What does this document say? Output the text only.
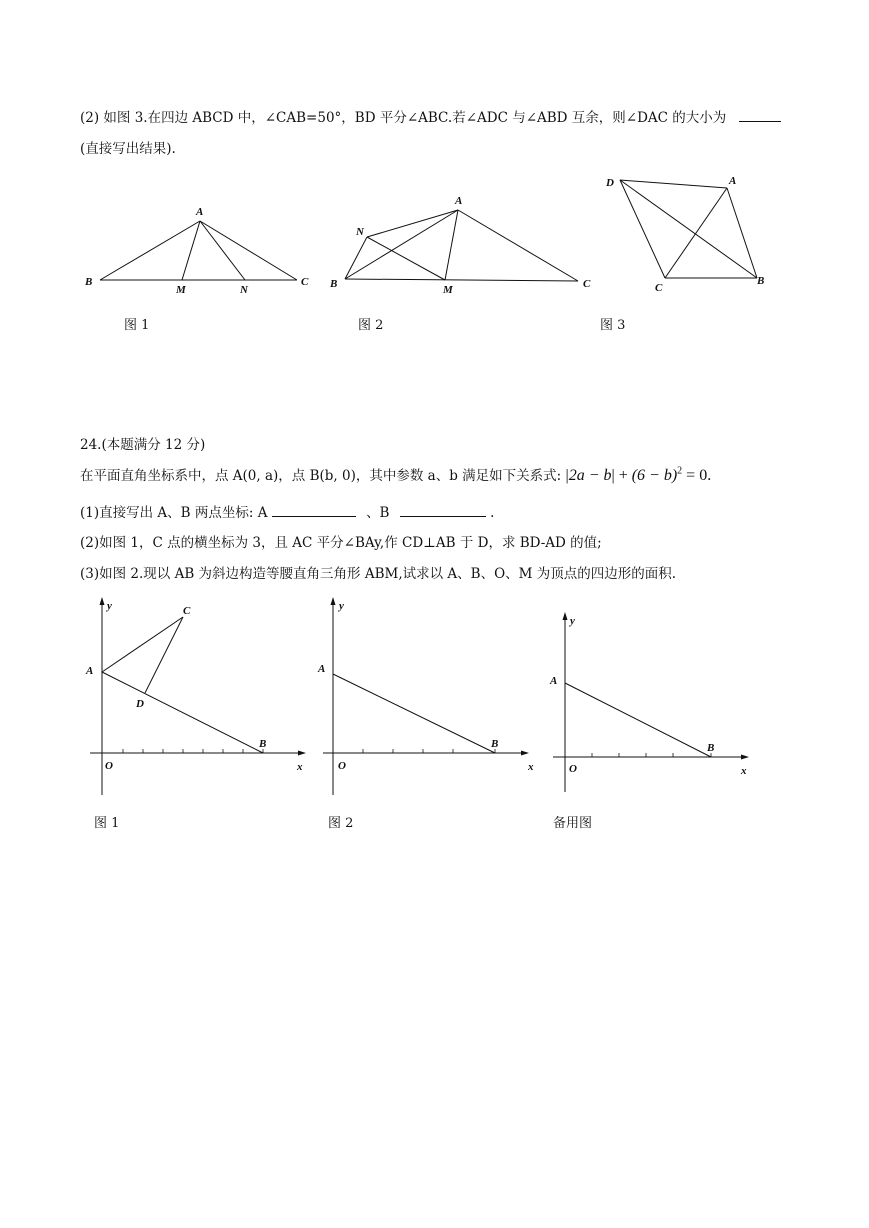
(2) 如图 3.在四边 ABCD 中，∠CAB=50°，BD 平分∠ABC.若∠ADC 与∠ABD 互余，则∠DAC 的大小为
(直接写出结果).
A
B	C
M	N
图 1
A
N
B	M	C
图 2
D	A
C
B
图 3
24.(本题满分 12 分)
在平面直角坐标系中，点 A(0, a)，点 B(b, 0)，其中参数 a、b 满足如下关系式: $|2a - b| + (6 - b)^2 = 0$.
(1)直接写出 A、B 两点坐标: A	、B	.
(2)如图 1，C 点的横坐标为 3，且 AC 平分∠BAy,作 CD⊥AB 于 D，求 BD-AD 的值;
(3)如图 2.现以 AB 为斜边构造等腰直角三角形 ABM,试求以 A、B、O、M 为顶点的四边形的面积.
y	C
A
D
B
O	x
图 1
y
A
B
O	x
图 2
y
A
B
O	x
备用图
